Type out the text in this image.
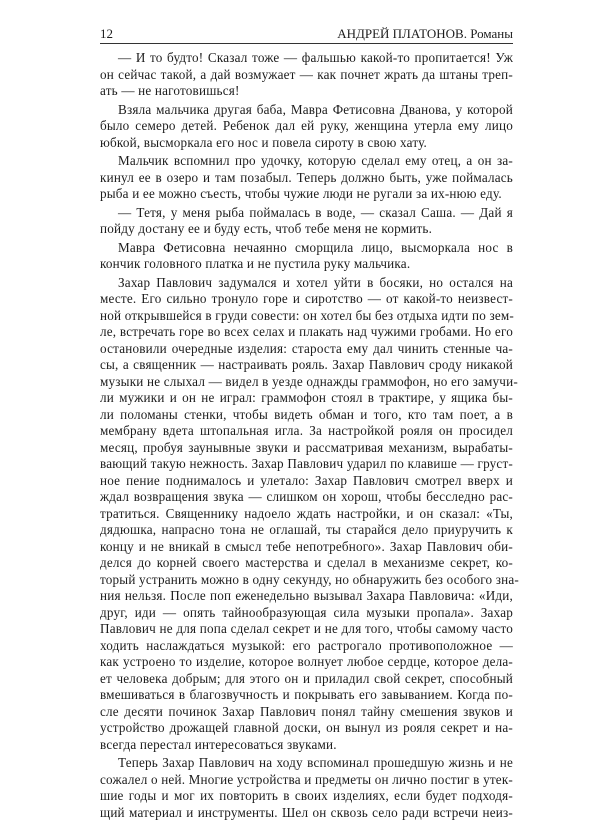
12	АНДРЕЙ ПЛАТОНОВ. Романы
— И то будто! Сказал тоже — фальшью какой-то пропитается! Уж
он сейчас такой, а дай возмужает — как почнет жрать да штаны треп-
ать — не наготовишься!
Взяла мальчика другая баба, Мавра Фетисовна Дванова, у которой
было семеро детей. Ребенок дал ей руку, женщина утерла ему лицо
юбкой, высморкала его нос и повела сироту в свою хату.
Мальчик вспомнил про удочку, которую сделал ему отец, а он за-
кинул ее в озеро и там позабыл. Теперь должно быть, уже поймалась
рыба и ее можно съесть, чтобы чужие люди не ругали за их-нюю еду.
— Тетя, у меня рыба поймалась в воде, — сказал Саша. — Дай я
пойду достану ее и буду есть, чтоб тебе меня не кормить.
Мавра Фетисовна нечаянно сморщила лицо, высморкала нос в
кончик головного платка и не пустила руку мальчика.
Захар Павлович задумался и хотел уйти в босяки, но остался на
месте. Его сильно тронуло горе и сиротство — от какой-то неизвест-
ной открывшейся в груди совести: он хотел бы без отдыха идти по зем-
ле, встречать горе во всех селах и плакать над чужими гробами. Но его
остановили очередные изделия: староста ему дал чинить стенные ча-
сы, а священник — настраивать рояль. Захар Павлович сроду никакой
музыки не слыхал — видел в уезде однажды граммофон, но его замучи-
ли мужики и он не играл: граммофон стоял в трактире, у ящика бы-
ли поломаны стенки, чтобы видеть обман и того, кто там поет, а в
мембрану вдета штопальная игла. За настройкой рояля он просидел
месяц, пробуя заунывные звуки и рассматривая механизм, вырабаты-
вающий такую нежность. Захар Павлович ударил по клавише — груст-
ное пение поднималось и улетало: Захар Павлович смотрел вверх и
ждал возвращения звука — слишком он хорош, чтобы бесследно рас-
тратиться. Священнику надоело ждать настройки, и он сказал: «Ты,
дядюшка, напрасно тона не оглашай, ты старайся дело приуручить к
концу и не вникай в смысл тебе непотребного». Захар Павлович оби-
делся до корней своего мастерства и сделал в механизме секрет, ко-
торый устранить можно в одну секунду, но обнаружить без особого зна-
ния нельзя. После поп еженедельно вызывал Захара Павловича: «Иди,
друг, иди — опять тайнообразующая сила музыки пропала». Захар
Павлович не для попа сделал секрет и не для того, чтобы самому часто
ходить наслаждаться музыкой: его растрогало противоположное —
как устроено то изделие, которое волнует любое сердце, которое дела-
ет человека добрым; для этого он и приладил свой секрет, способный
вмешиваться в благозвучность и покрывать его завыванием. Когда по-
сле десяти починок Захар Павлович понял тайну смешения звуков и
устройство дрожащей главной доски, он вынул из рояля секрет и на-
всегда перестал интересоваться звуками.
Теперь Захар Павлович на ходу вспоминал прошедшую жизнь и не
сожалел о ней. Многие устройства и предметы он лично постиг в утек-
шие годы и мог их повторить в своих изделиях, если будет подходя-
щий материал и инструменты. Шел он сквозь село ради встречи неиз-
